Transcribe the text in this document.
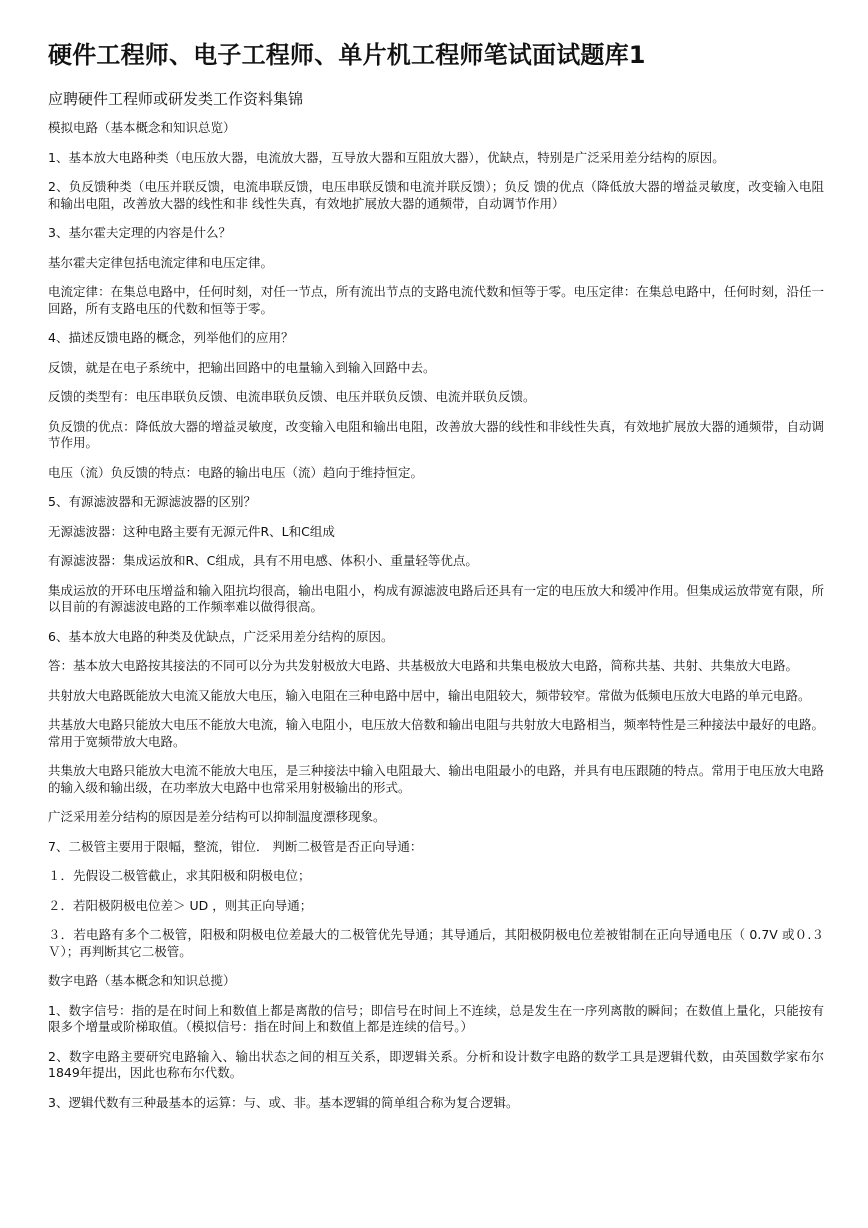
硬件工程师、电子工程师、单片机工程师笔试面试题库1
应聘硬件工程师或研发类工作资料集锦

模拟电路（基本概念和知识总览）

1、基本放大电路种类（电压放大器，电流放大器，互导放大器和互阻放大器），优缺点，特别是广泛采用差分结构的原因。

2、负反馈种类（电压并联反馈，电流串联反馈，电压串联反馈和电流并联反馈）；负反 馈的优点（降低放大器的增益灵敏度，改变输入电阻和输出电阻，改善放大器的线性和非 线性失真，有效地扩展放大器的通频带，自动调节作用）

3、基尔霍夫定理的内容是什么？

基尔霍夫定律包括电流定律和电压定律。

电流定律：在集总电路中，任何时刻，对任一节点，所有流出节点的支路电流代数和恒等于零。电压定律：在集总电路中，任何时刻，沿任一回路，所有支路电压的代数和恒等于零。

4、描述反馈电路的概念，列举他们的应用？

反馈，就是在电子系统中，把输出回路中的电量输入到输入回路中去。

反馈的类型有：电压串联负反馈、电流串联负反馈、电压并联负反馈、电流并联负反馈。

负反馈的优点：降低放大器的增益灵敏度，改变输入电阻和输出电阻，改善放大器的线性和非线性失真，有效地扩展放大器的通频带，自动调节作用。

电压（流）负反馈的特点：电路的输出电压（流）趋向于维持恒定。

5、有源滤波器和无源滤波器的区别？

无源滤波器：这种电路主要有无源元件R、L和C组成

有源滤波器：集成运放和R、C组成，具有不用电感、体积小、重量轻等优点。

集成运放的开环电压增益和输入阻抗均很高，输出电阻小，构成有源滤波电路后还具有一定的电压放大和缓冲作用。但集成运放带宽有限，所以目前的有源滤波电路的工作频率难以做得很高。

6、基本放大电路的种类及优缺点，广泛采用差分结构的原因。

答：基本放大电路按其接法的不同可以分为共发射极放大电路、共基极放大电路和共集电极放大电路，简称共基、共射、共集放大电路。

共射放大电路既能放大电流又能放大电压，输入电阻在三种电路中居中，输出电阻较大，频带较窄。常做为低频电压放大电路的单元电路。

共基放大电路只能放大电压不能放大电流，输入电阻小，电压放大倍数和输出电阻与共射放大电路相当，频率特性是三种接法中最好的电路。常用于宽频带放大电路。

共集放大电路只能放大电流不能放大电压，是三种接法中输入电阻最大、输出电阻最小的电路，并具有电压跟随的特点。常用于电压放大电路的输入级和输出级，在功率放大电路中也常采用射极输出的形式。

广泛采用差分结构的原因是差分结构可以抑制温度漂移现象。

7、二极管主要用于限幅，整流，钳位． 判断二极管是否正向导通：

１．先假设二极管截止，求其阳极和阴极电位；

２．若阳极阴极电位差＞ UD ，则其正向导通；

３．若电路有多个二极管，阳极和阴极电位差最大的二极管优先导通；其导通后，其阳极阴极电位差被钳制在正向导通电压（ 0.7V 或０.３Ｖ）；再判断其它二极管。

数字电路（基本概念和知识总揽）

1、数字信号：指的是在时间上和数值上都是离散的信号；即信号在时间上不连续，总是发生在一序列离散的瞬间；在数值上量化，只能按有限多个增量或阶梯取值。（模拟信号：指在时间上和数值上都是连续的信号。）

2、数字电路主要研究电路输入、输出状态之间的相互关系，即逻辑关系。分析和设计数字电路的数学工具是逻辑代数，由英国数学家布尔1849年提出，因此也称布尔代数。

3、逻辑代数有三种最基本的运算：与、或、非。基本逻辑的简单组合称为复合逻辑。
